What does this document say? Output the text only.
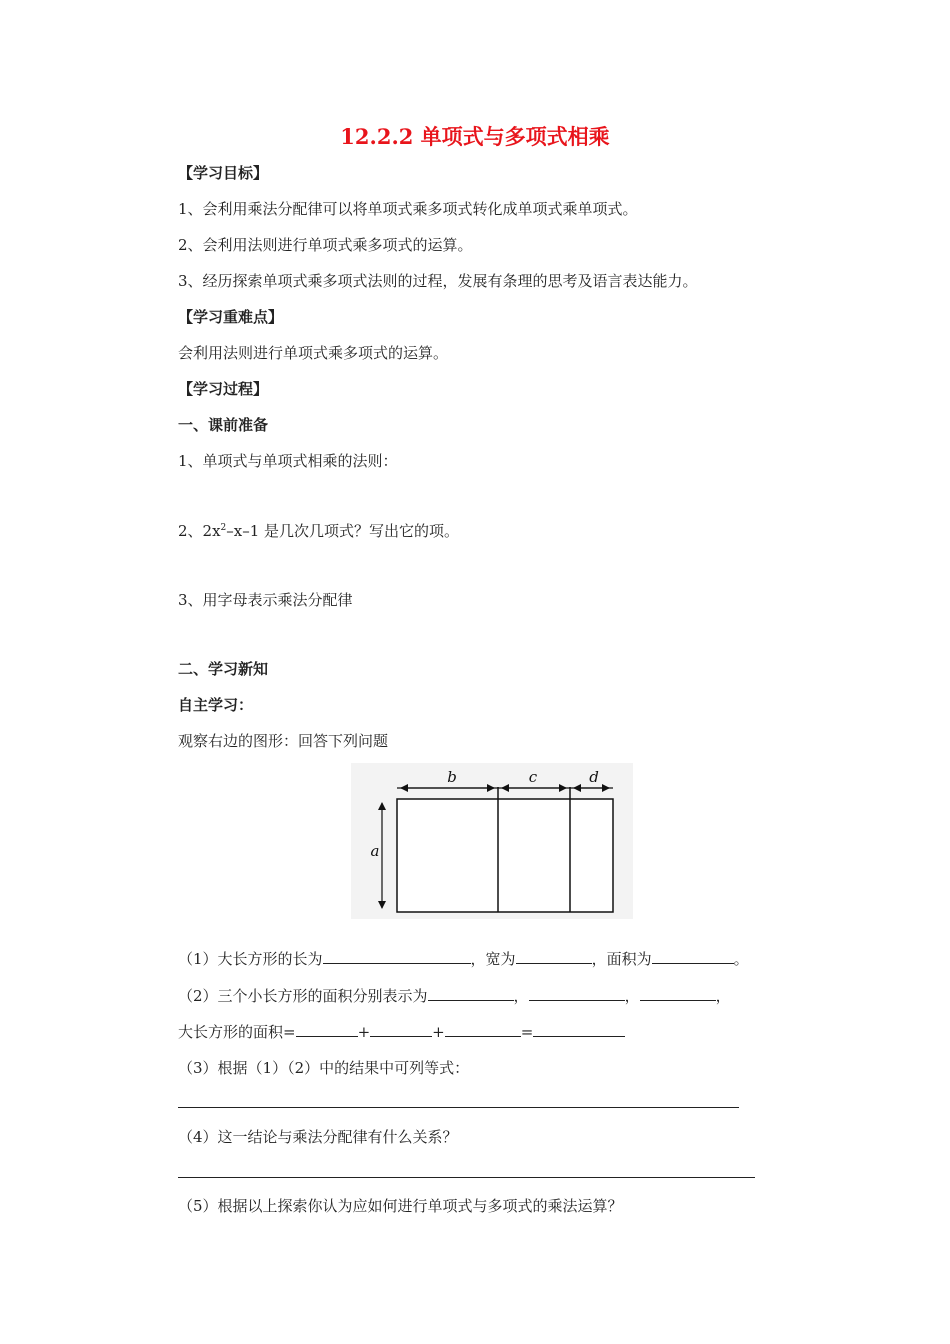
12.2.2 单项式与多项式相乘
【学习目标】
1、会利用乘法分配律可以将单项式乘多项式转化成单项式乘单项式。
2、会利用法则进行单项式乘多项式的运算。
3、经历探索单项式乘多项式法则的过程，发展有条理的思考及语言表达能力。
【学习重难点】
会利用法则进行单项式乘多项式的运算。
【学习过程】
一、课前准备
1、单项式与单项式相乘的法则：
2、$2x^2-x-1$ 是几次几项式？写出它的项。
3、用字母表示乘法分配律
二、学习新知
自主学习：
观察右边的图形：回答下列问题
b	c	d
a
（1）大长方形的长为	，宽为	，面积为	。
（2）三个小长方形的面积分别表示为	，	，	，
大长方形的面积=	+	+	=
（3）根据（1）（2）中的结果中可列等式：
（4）这一结论与乘法分配律有什么关系？
（5）根据以上探索你认为应如何进行单项式与多项式的乘法运算？
